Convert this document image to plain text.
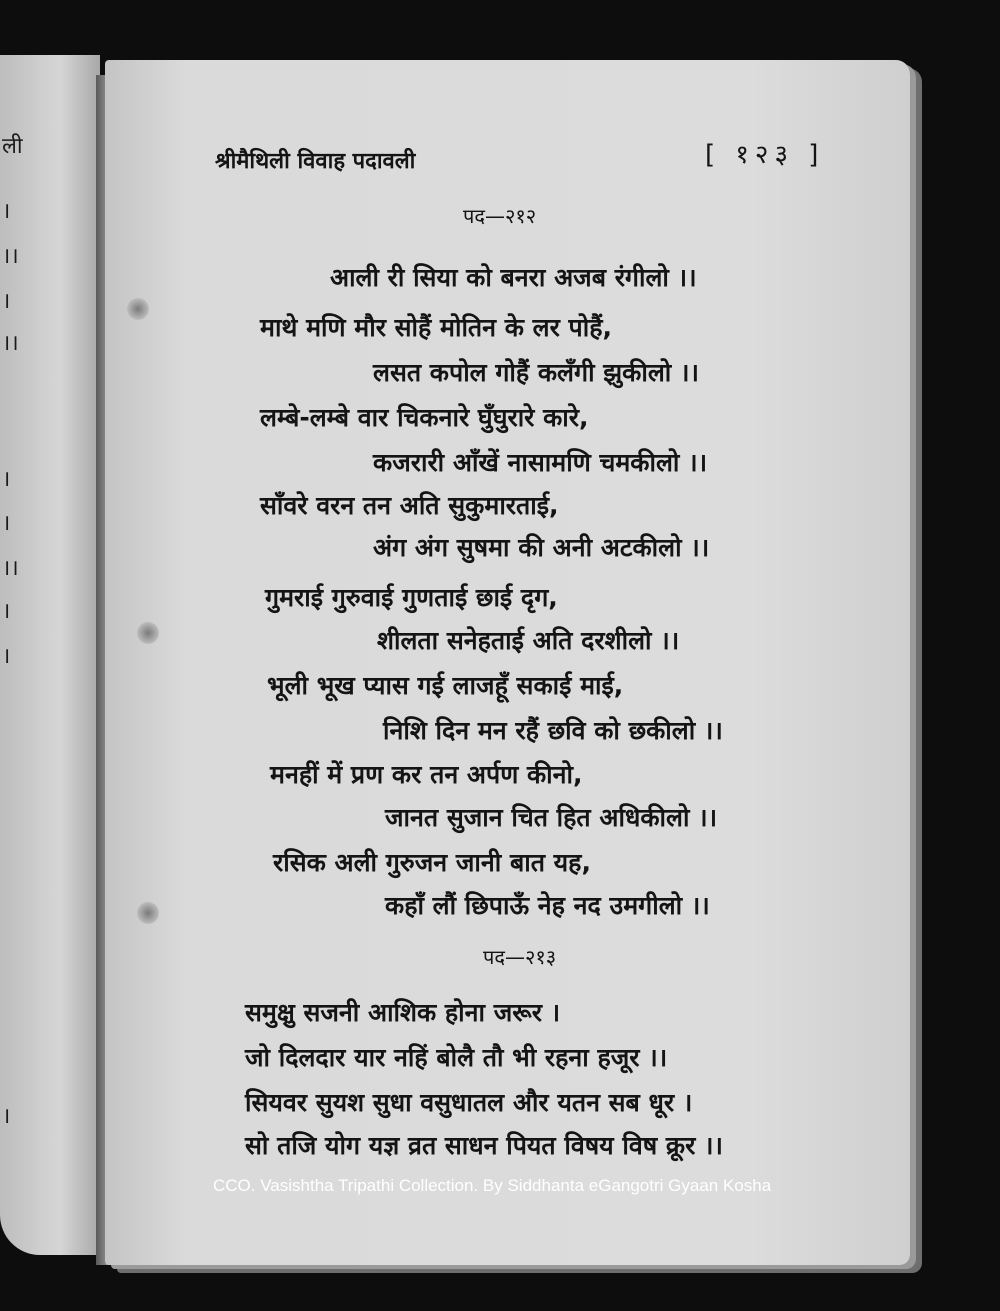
ली
।
।।
।
।।
।
।
।।
।
।
।
श्रीमैथिली विवाह पदावली	[ १२३ ]
पद—२१२
आली री सिया को बनरा अजब रंगीलो ।।
माथे मणि मौर सोहैं मोतिन के लर पोहैं,
लसत कपोल गोहैं कलँगी झुकीलो ।।
लम्बे-लम्बे वार चिकनारे घुँघुरारे कारे,
कजरारी आँखें नासामणि चमकीलो ।।
साँवरे वरन तन अति सुकुमारताई,
अंग अंग सुषमा की अनी अटकीलो ।।
गुमराई गुरुवाई गुणताई छाई दृग,
शीलता सनेहताई अति दरशीलो ।।
भूली भूख प्यास गई लाजहूँ सकाई माई,
निशि दिन मन रहैं छवि को छकीलो ।।
मनहीं में प्रण कर तन अर्पण कीनो,
जानत सुजान चित हित अधिकीलो ।।
रसिक अली गुरुजन जानी बात यह,
कहाँ लौं छिपाऊँ नेह नद उमगीलो ।।
पद—२१३
समुक्षु सजनी आशिक होना जरूर ।
जो दिलदार यार नहिं बोलै तौ भी रहना हजूर ।।
सियवर सुयश सुधा वसुधातल और यतन सब धूर ।
सो तजि योग यज्ञ व्रत साधन पियत विषय विष क्रूर ।।
CCO. Vasishtha Tripathi Collection. By Siddhanta eGangotri Gyaan Kosha
